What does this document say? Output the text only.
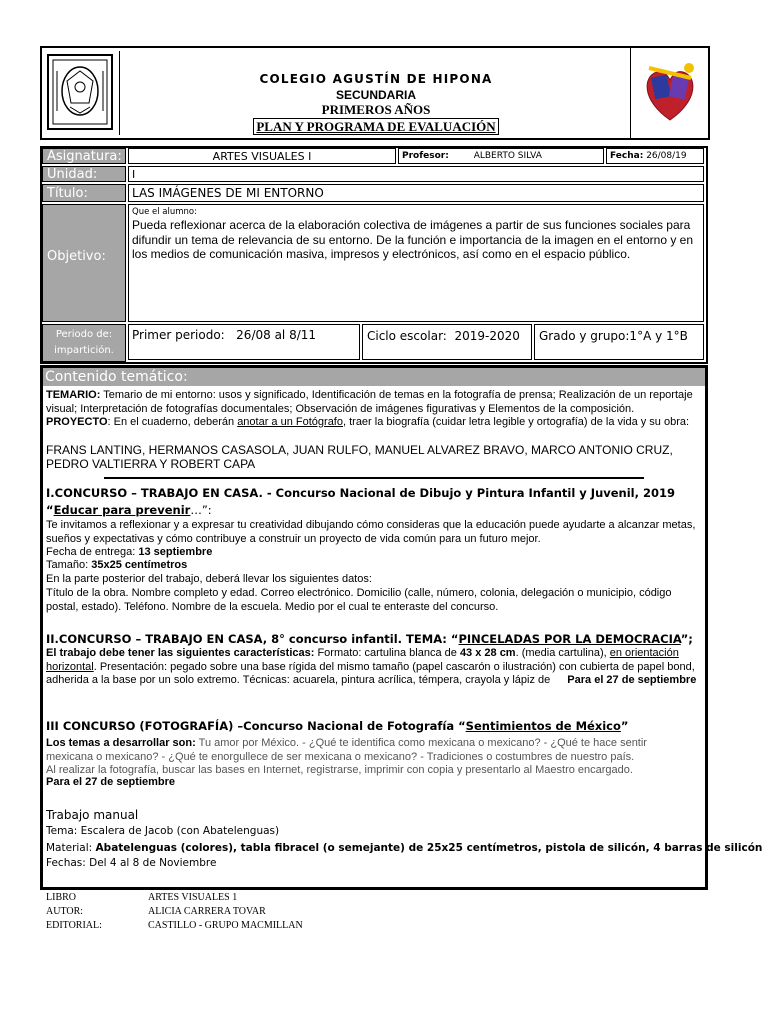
COLEGIO AGUSTÍN DE HIPONA
SECUNDARIA
PRIMEROS AÑOS
PLAN Y PROGRAMA DE EVALUACIÓN
Asignatura:	ARTES VISUALES I	Profesor:	ALBERTO SILVA	Fecha: 26/08/19
Unidad:	I
Título:	LAS IMÁGENES DE MI ENTORNO
Objetivo:
Que el alumno:
Pueda reflexionar acerca de la elaboración colectiva de imágenes a partir de sus funciones sociales para difundir un tema de relevancia de su entorno. De la función e importancia de la imagen en el entorno y en los medios de comunicación masiva, impresos y electrónicos, así como en el espacio público.
Periodo de: impartición.
Primer periodo:   26/08 al 8/11	Ciclo escolar:  2019-2020	Grado y grupo:1°A y 1°B
Contenido temático:
TEMARIO: Temario de mi entorno: usos y significado, Identificación de temas en la fotografía de prensa; Realización de un reportaje visual; Interpretación de fotografías documentales; Observación de imágenes figurativas y Elementos de la composición.
PROYECTO: En el cuaderno, deberán anotar a un Fotógrafo, traer la biografía (cuidar letra legible y ortografía) de la vida y su obra:
FRANS LANTING, HERMANOS CASASOLA, JUAN RULFO, MANUEL ALVAREZ BRAVO, MARCO ANTONIO CRUZ, PEDRO VALTIERRA Y ROBERT CAPA
I.CONCURSO – TRABAJO EN CASA. - Concurso Nacional de Dibujo y Pintura Infantil y Juvenil, 2019
“Educar para prevenir…”:
Te invitamos a reflexionar y a expresar tu creatividad dibujando cómo consideras que la educación puede ayudarte a alcanzar metas, sueños y expectativas y cómo contribuye a construir un proyecto de vida común para un futuro mejor.
Fecha de entrega: 13 septiembre
Tamaño: 35x25 centímetros
En la parte posterior del trabajo, deberá llevar los siguientes datos:
Título de la obra. Nombre completo y edad. Correo electrónico. Domicilio (calle, número, colonia, delegación o municipio, código postal, estado). Teléfono. Nombre de la escuela. Medio por el cual te enteraste del concurso.
II.CONCURSO – TRABAJO EN CASA, 8° concurso infantil. TEMA: “PINCELADAS POR LA DEMOCRACIA”;
El trabajo debe tener las siguientes características: Formato: cartulina blanca de 43 x 28 cm. (media cartulina), en orientación horizontal. Presentación: pegado sobre una base rígida del mismo tamaño (papel cascarón o ilustración) con cubierta de papel bond, adherida a la base por un solo extremo. Técnicas: acuarela, pintura acrílica, témpera, crayola y lápiz de Para el 27 de septiembre
III CONCURSO (FOTOGRAFÍA) –Concurso Nacional de Fotografía “Sentimientos de México”
Los temas a desarrollar son: Tu amor por México. - ¿Qué te identifica como mexicana o mexicano? - ¿Qué te hace sentir mexicana o mexicano? - ¿Qué te enorgullece de ser mexicana o mexicano? - Tradiciones o costumbres de nuestro país.
Al realizar la fotografía, buscar las bases en Internet, registrarse, imprimir con copia y presentarlo al Maestro encargado.
Para el 27 de septiembre
Trabajo manual
Tema: Escalera de Jacob (con Abatelenguas)
Material: Abatelenguas (colores), tabla fibracel (o semejante) de 25x25 centímetros, pistola de silicón, 4 barras de silicón
Fechas: Del 4 al 8 de Noviembre
LIBRO	ARTES VISUALES 1
AUTOR:	ALICIA CARRERA TOVAR
EDITORIAL:	CASTILLO - GRUPO MACMILLAN
